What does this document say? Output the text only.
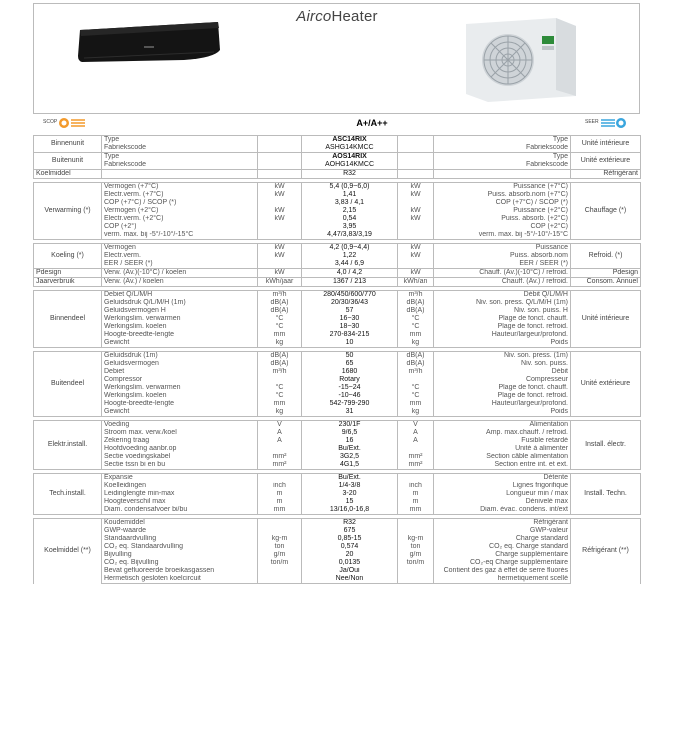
AircoHeater
SCOP	A+/A++	SEER
Binnenunit	Type		ASC14RIX		Type	Unité intérieure
	Fabriekscode		ASHG14KMCC		Fabriekscode	
Buitenunit	Type		AOS14RIX		Type	Unité extérieure
	Fabriekscode		AOHG14KMCC		Fabriekscode	
Koelmiddel			R32			Réfrigérant

Verwarming (*)	Vermogen (+7°C)	kW	5,4 (0,9~6,0)	kW	Puissance (+7°C)	Chauffage (*)
	Electr.verm. (+7°C)	kW	1,41	kW	Puiss. absorb.nom (+7°C)	
	COP (+7°C) / SCOP (*)		3,83 / 4,1		COP (+7°C) / SCOP (*)	
	Vermogen (+2°C)	kW	2,15	kW	Puissance (+2°C)	
	Electr.verm. (+2°C)	kW	0,54	kW	Puiss. absorb. (+2°C)	
	COP (+2°)		3,95		COP (+2°C)	
	verm. max. bij -5°/-10°/-15°C		4,47/3,83/3,19		verm. max. bij -5°/-10°/-15°C	

Koeling (*)	Vermogen	kW	4,2 (0,9~4,4)	kW	Puissance	Refroid. (*)
	Electr.verm.	kW	1,22	kW	Puiss. absorb.nom	
	EER / SEER (*)		3,44 / 6,9		EER / SEER (*)	
Pdesign	Verw. (Av.)(-10°C) / koelen	kW	4,0 / 4,2	kW	Chauff. (Av.)(-10°C) / refroid.	Pdesign
Jaarverbruik	Verw. (Av.) / koelen	kWh/jaar	1367 / 213	kWh/an	Chauff. (Av.) / refroid.	Consom. Annuel

Binnendeel	Debiet Q/L/M/H	m³/h	280/450/600/770	m³/h	Débit Q/L/M/H	Unité intérieure
	Geluidsdruk Q/L/M/H (1m)	dB(A)	20/30/36/43	dB(A)	Niv. son. press. Q/L/M/H (1m)	
	Geluidsvermogen H	dB(A)	57	dB(A)	Niv. son. puiss. H	
	Werkingslim. verwarmen	°C	16~30	°C	Plage de fonct. chauff.	
	Werkingslim. koelen	°C	18~30	°C	Plage de fonct. refroid.	
	Hoogte-breedte-lengte	mm	270-834-215	mm	Hauteur/largeur/profond.	
	Gewicht	kg	10	kg	Poids	

Buitendeel	Geluidsdruk (1m)	dB(A)	50	dB(A)	Niv. son. press. (1m)	Unité extérieure
	Geluidsvermogen	dB(A)	65	dB(A)	Niv. son. puiss.	
	Debiet	m³/h	1680	m³/h	Débit	
	Compressor		Rotary		Compresseur	
	Werkingslim. verwarmen	°C	-15~24	°C	Plage de fonct. chauff.	
	Werkingslim. koelen	°C	-10~46	°C	Plage de fonct. refroid.	
	Hoogte-breedte-lengte	mm	542-799-290	mm	Hauteur/largeur/profond.	
	Gewicht	kg	31	kg	Poids	

Elektr.install.	Voeding	V	230/1F	V	Alimentation	Install. électr.
	Stroom max. verw./koel	A	9/6,5	A	Amp. max.chauff. / refroid.	
	Zekering traag	A	16	A	Fusible retardé	
	Hoofdvoeding aanbr.op		Bu/Ext.		Unité à alimenter	
	Sectie voedingskabel	mm²	3G2,5	mm²	Section câble alimentation	
	Sectie tssn bi en bu	mm²	4G1,5	mm²	Section entre int. et ext.	

Tech.install.	Expansie		Bu/Ext.		Détente	Install. Techn.
	Koelleidingen	inch	1/4-3/8	inch	Lignes frigorifique	
	Leidinglengte min-max	m	3-20	m	Longueur min / max	
	Hoogteverschil max	m	15	m	Dénivelé max	
	Diam. condensafvoer bi/bu	mm	13/16,0-16,8	mm	Diam. évac. condens. int/ext	

Koelmiddel (**)	Koudemiddel		R32		Réfrigérant	Réfrigérant (**)
	GWP-waarde		675		GWP-valeur	
	Standaardvulling	kg-m	0,85-15	kg-m	Charge standard	
	CO₂ eq. Standaardvulling	ton	0,574	ton	CO₂ eq. Charge standard	
	Bijvulling	g/m	20	g/m	Charge supplémentaire	
	CO₂ eq. Bijvulling	ton/m	0,0135	ton/m	CO₂-eq Charge supplémentaire	
	Bevat gefluoreerde broeikasgassen		Ja/Oui		Contient des gaz à effet de serre fluorés	
	Hermetisch gesloten koelcircuit		Nee/Non		hermetiquement scellé	
